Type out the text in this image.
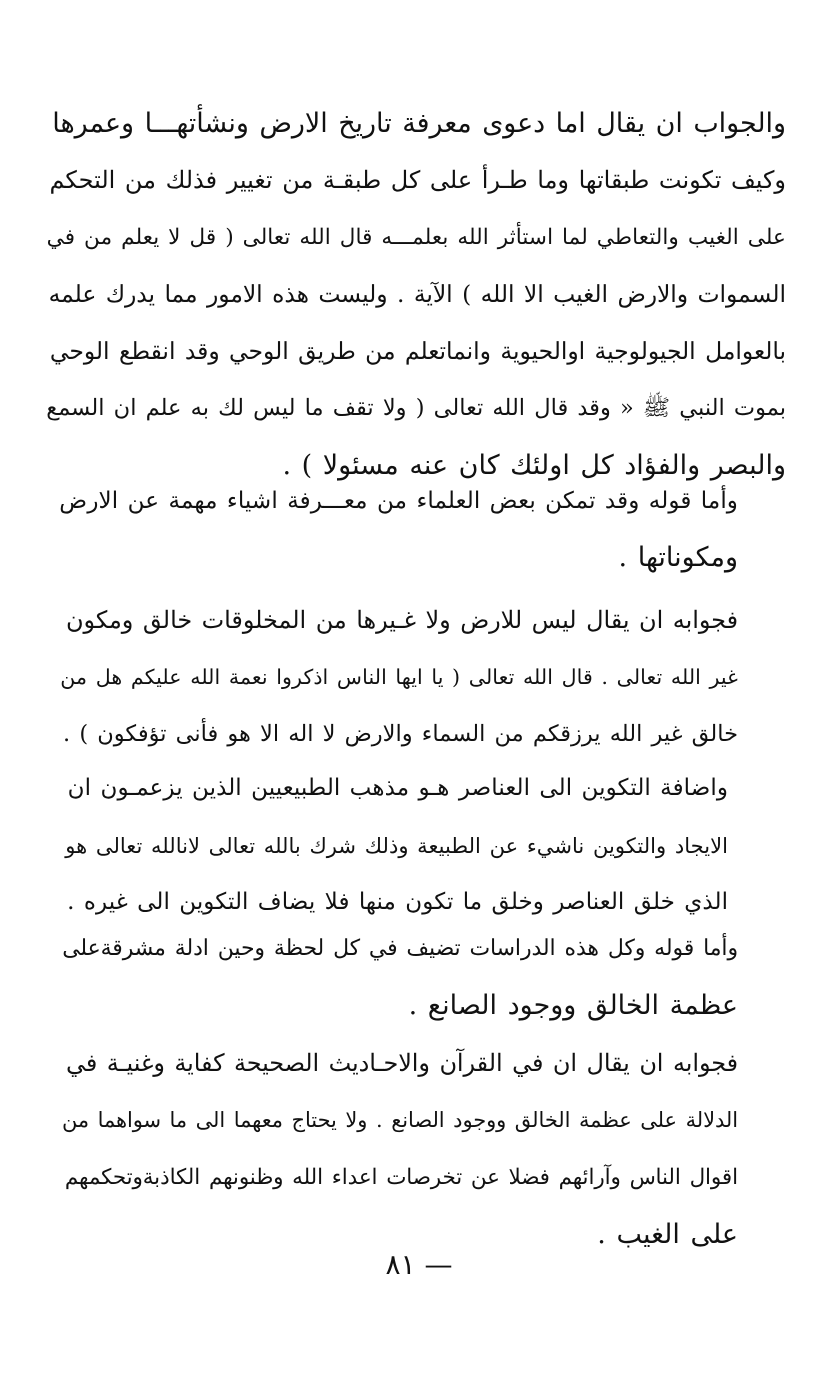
والجواب ان يقال اما دعوى معرفة تاريخ الارض ونشأتهـــا وعمرها
وكيف تكونت طبقاتها وما طـرأ على كل طبقـة من تغيير فذلك من التحكم
على الغيب والتعاطي لما استأثر الله بعلمـــه قال الله تعالى ( قل لا يعلم من في
السموات والارض الغيب الا الله ) الآية . وليست هذه الامور مما يدرك علمه
بالعوامل الجيولوجية اوالحيوية وانماتعلم من طريق الوحي وقد انقطع الوحي
بموت النبي ﷺ « وقد قال الله تعالى ( ولا تقف ما ليس لك به علم ان السمع
والبصر والفؤاد كل اولئك كان عنه مسئولا ) .
وأما قوله وقد تمكن بعض العلماء من معـــرفة اشياء مهمة عن الارض
ومكوناتها .
فجوابه ان يقال ليس للارض ولا غـيرها من المخلوقات خالق ومكون
غير الله تعالى . قال الله تعالى ( يا ايها الناس اذكروا نعمة الله عليكم هل من
خالق غير الله يرزقكم من السماء والارض لا اله الا هو فأنى تؤفكون ) .
واضافة التكوين الى العناصر هـو مذهب الطبيعيين الذين يزعمـون ان
الايجاد والتكوين ناشيء عن الطبيعة وذلك شرك بالله تعالى لانالله تعالى هو
الذي خلق العناصر وخلق ما تكون منها فلا يضاف التكوين الى غيره .
وأما قوله وكل هذه الدراسات تضيف في كل لحظة وحين ادلة مشرقةعلى
عظمة الخالق ووجود الصانع .
فجوابه ان يقال ان في القرآن والاحـاديث الصحيحة كفاية وغنيـة في
الدلالة على عظمة الخالق ووجود الصانع . ولا يحتاج معهما الى ما سواهما من
اقوال الناس وآرائهم فضلا عن تخرصات اعداء الله وظنونهم الكاذبةوتحكمهم
على الغيب .
— ٨١
